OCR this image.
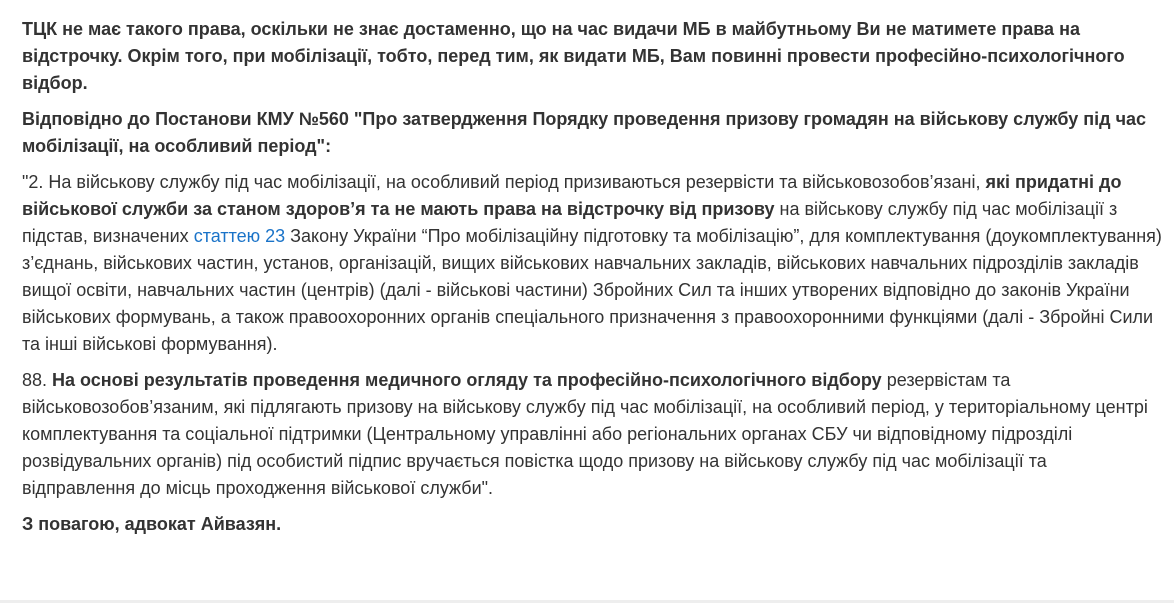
ТЦК не має такого права, оскільки не знає достаменно, що на час видачи МБ в майбутньому Ви не матимете права на відстрочку. Окрім того, при мобілізації, тобто, перед тим, як видати МБ, Вам повинні провести професійно-психологічного відбор.

Відповідно до Постанови КМУ №560 "Про затвердження Порядку проведення призову громадян на військову службу під час мобілізації, на особливий період":

"2. На військову службу під час мобілізації, на особливий період призиваються резервісти та військовозобов’язані, які придатні до військової служби за станом здоров’я та не мають права на відстрочку від призову на військову службу під час мобілізації з підстав, визначених статтею 23 Закону України “Про мобілізаційну підготовку та мобілізацію”, для комплектування (доукомплектування) з’єднань, військових частин, установ, організацій, вищих військових навчальних закладів, військових навчальних підрозділів закладів вищої освіти, навчальних частин (центрів) (далі - військові частини) Збройних Сил та інших утворених відповідно до законів України військових формувань, а також правоохоронних органів спеціального призначення з правоохоронними функціями (далі - Збройні Сили та інші військові формування).

88. На основі результатів проведення медичного огляду та професійно-психологічного відбору резервістам та військовозобов’язаним, які підлягають призову на військову службу під час мобілізації, на особливий період, у територіальному центрі комплектування та соціальної підтримки (Центральному управлінні або регіональних органах СБУ чи відповідному підрозділі розвідувальних органів) під особистий підпис вручається повістка щодо призову на військову службу під час мобілізації та відправлення до місць проходження військової служби".

З повагою, адвокат Айвазян.
